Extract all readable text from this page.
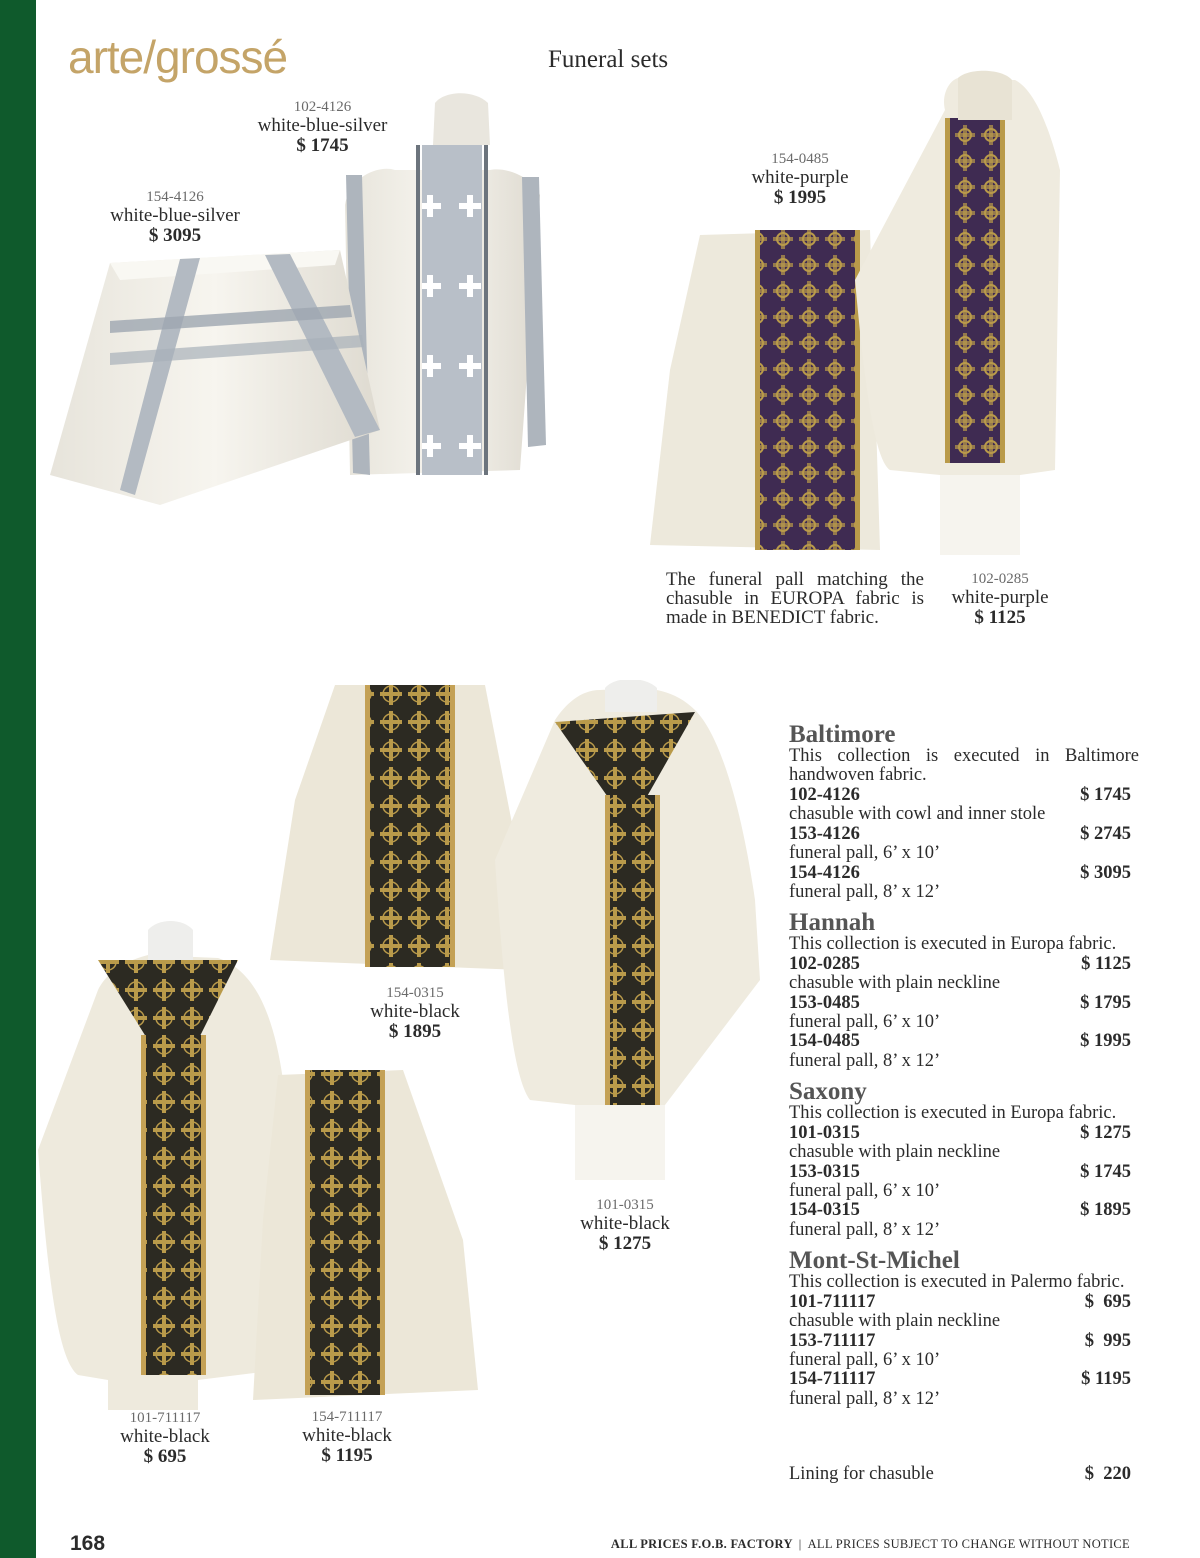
arte/grossé	Funeral sets
102-4126
white-blue-silver
$ 1745
154-4126
white-blue-silver
$ 3095
154-0485
white-purple
$ 1995
The funeral pall matching the chasuble in EUROPA fabric is made in BENEDICT fabric.
102-0285
white-purple
$ 1125
154-0315
white-black
$ 1895
101-0315
white-black
$ 1275
101-711117
white-black
$ 695
154-711117
white-black
$ 1195
Baltimore
This collection is executed in Baltimore handwoven fabric.
102-4126	$ 1745
chasuble with cowl and inner stole
153-4126	$ 2745
funeral pall, 6’ x 10’
154-4126	$ 3095
funeral pall, 8’ x 12’
Hannah
This collection is executed in Europa fabric.
102-0285	$ 1125
chasuble with plain neckline
153-0485	$ 1795
funeral pall, 6’ x 10’
154-0485	$ 1995
funeral pall, 8’ x 12’
Saxony
This collection is executed in Europa fabric.
101-0315	$ 1275
chasuble with plain neckline
153-0315	$ 1745
funeral pall, 6’ x 10’
154-0315	$ 1895
funeral pall, 8’ x 12’
Mont-St-Michel
This collection is executed in Palermo fabric.
101-711117	$  695
chasuble with plain neckline
153-711117	$  995
funeral pall, 6’ x 10’
154-711117	$ 1195
funeral pall, 8’ x 12’
Lining for chasuble	$  220
168	ALL PRICES F.O.B. FACTORY | ALL PRICES SUBJECT TO CHANGE WITHOUT NOTICE
